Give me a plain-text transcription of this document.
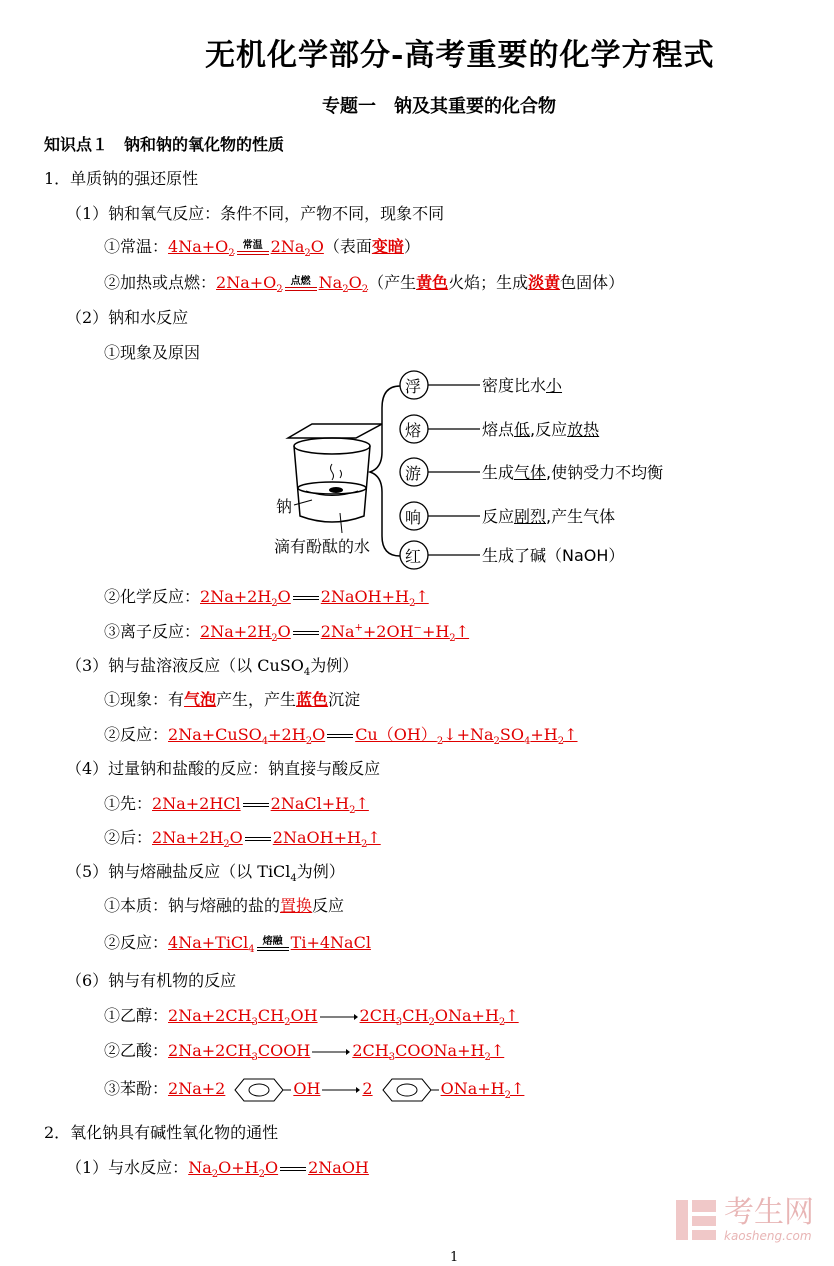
无机化学部分-高考重要的化学方程式
专题一　钠及其重要的化合物
知识点１　钠和钠的氧化物的性质
1．单质钠的强还原性
（1）钠和氧气反应：条件不同，产物不同，现象不同
①常温：$4Na+O_2$
常温 $2Na_2O$（表面变暗）
②加热或点燃：$2Na+O_2$
点燃 $Na_2O_2$（产生黄色火焰；生成淡黄色固体）
（2）钠和水反应
①现象及原因
钠
滴有酚酞的水
浮
熔
游
响
红
密度比水小
熔点低,反应放热
生成气体,使钠受力不均衡
反应剧烈,产生气体
生成了碱（NaOH）
②化学反应：$2Na+2H_2O$ $2NaOH+H_2↑$
③离子反应：$2Na+2H_2O$ $2Na^++2OH^-+H_2↑$
（3）钠与盐溶液反应（以 CuSO$_4$为例）
①现象：有气泡产生，产生蓝色沉淀
②反应：$2Na+CuSO_4+2H_2O$ $Cu(OH)_2↓+Na_2SO_4+H_2↑$
（4）过量钠和盐酸的反应：钠直接与酸反应
①先：2Na+2HCl $2NaCl+H_2↑$
②后：$2Na+2H_2O$ $2NaOH+H_2↑$
（5）钠与熔融盐反应（以 TiCl$_4$为例）
①本质：钠与熔融的盐的置换反应
②反应：4Na+TiCl$_4$
熔融 Ti+4NaCl
（6）钠与有机物的反应
①乙醇：$2Na+2CH_3CH_2OH$	$2CH_3CH_2ONa+H_2↑$
②乙酸：$2Na+2CH_3COOH$	$2CH_3COONa+H_2↑$
③苯酚：2Na+2	OH	2	$ONa+H_2↑$
2．氧化钠具有碱性氧化物的通性
（1）与水反应：$Na_2O+H_2O$ 2NaOH
考生网
kaosheng.com
1
